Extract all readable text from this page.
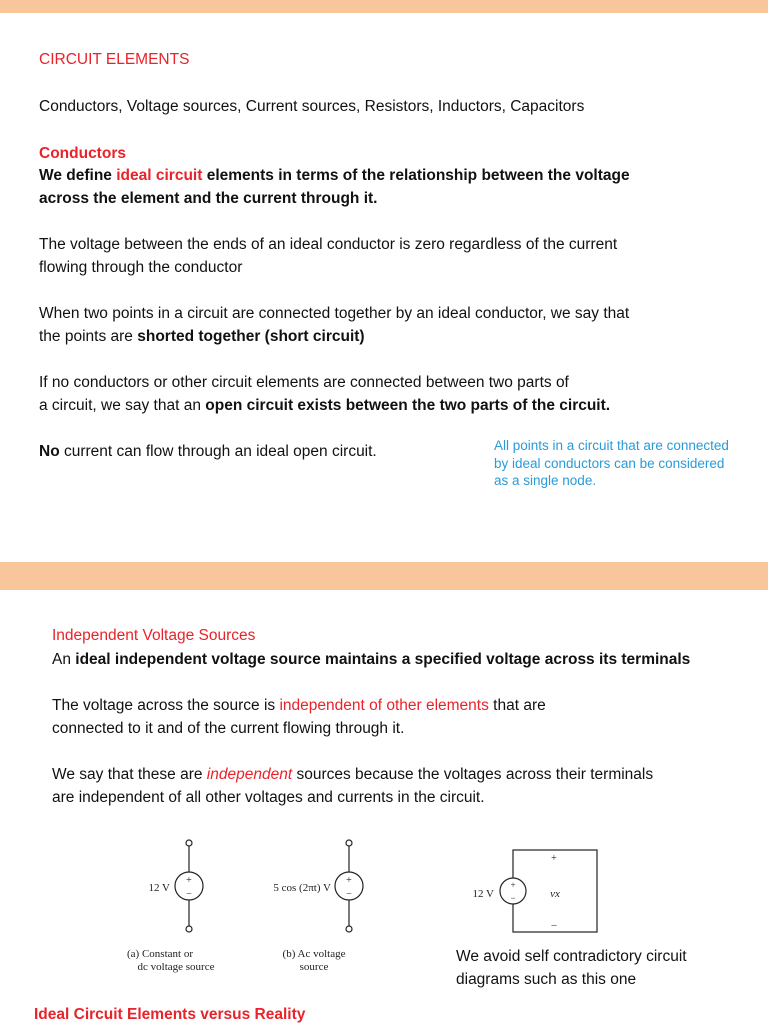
CIRCUIT ELEMENTS
Conductors, Voltage sources, Current sources, Resistors, Inductors, Capacitors
Conductors
We define ideal circuit elements in terms of the relationship between the voltage
across the element and the current through it.
The voltage between the ends of an ideal conductor is zero regardless of the current
flowing through the conductor
When two points in a circuit are connected together by an ideal conductor, we say that
the points are shorted together (short circuit)
If no conductors or other circuit elements are connected between two parts of
a circuit, we say that an open circuit exists between the two parts of the circuit.
No current can flow through an ideal open circuit.	All points in a circuit that are connected by ideal conductors can be considered as a single node.
Independent Voltage Sources
An ideal independent voltage source maintains a specified voltage across its terminals
The voltage across the source is independent of other elements that are
connected to it and of the current flowing through it.
We say that these are independent sources because the voltages across their terminals
are independent of all other voltages and currents in the circuit.
+
−
12 V
(a) Constant or
dc voltage source
+
−
5 cos (2πt) V
(b) Ac voltage
source
+
−
12 V
+
vx
–
We avoid self contradictory circuit
diagrams such as this one
Ideal Circuit Elements versus Reality
